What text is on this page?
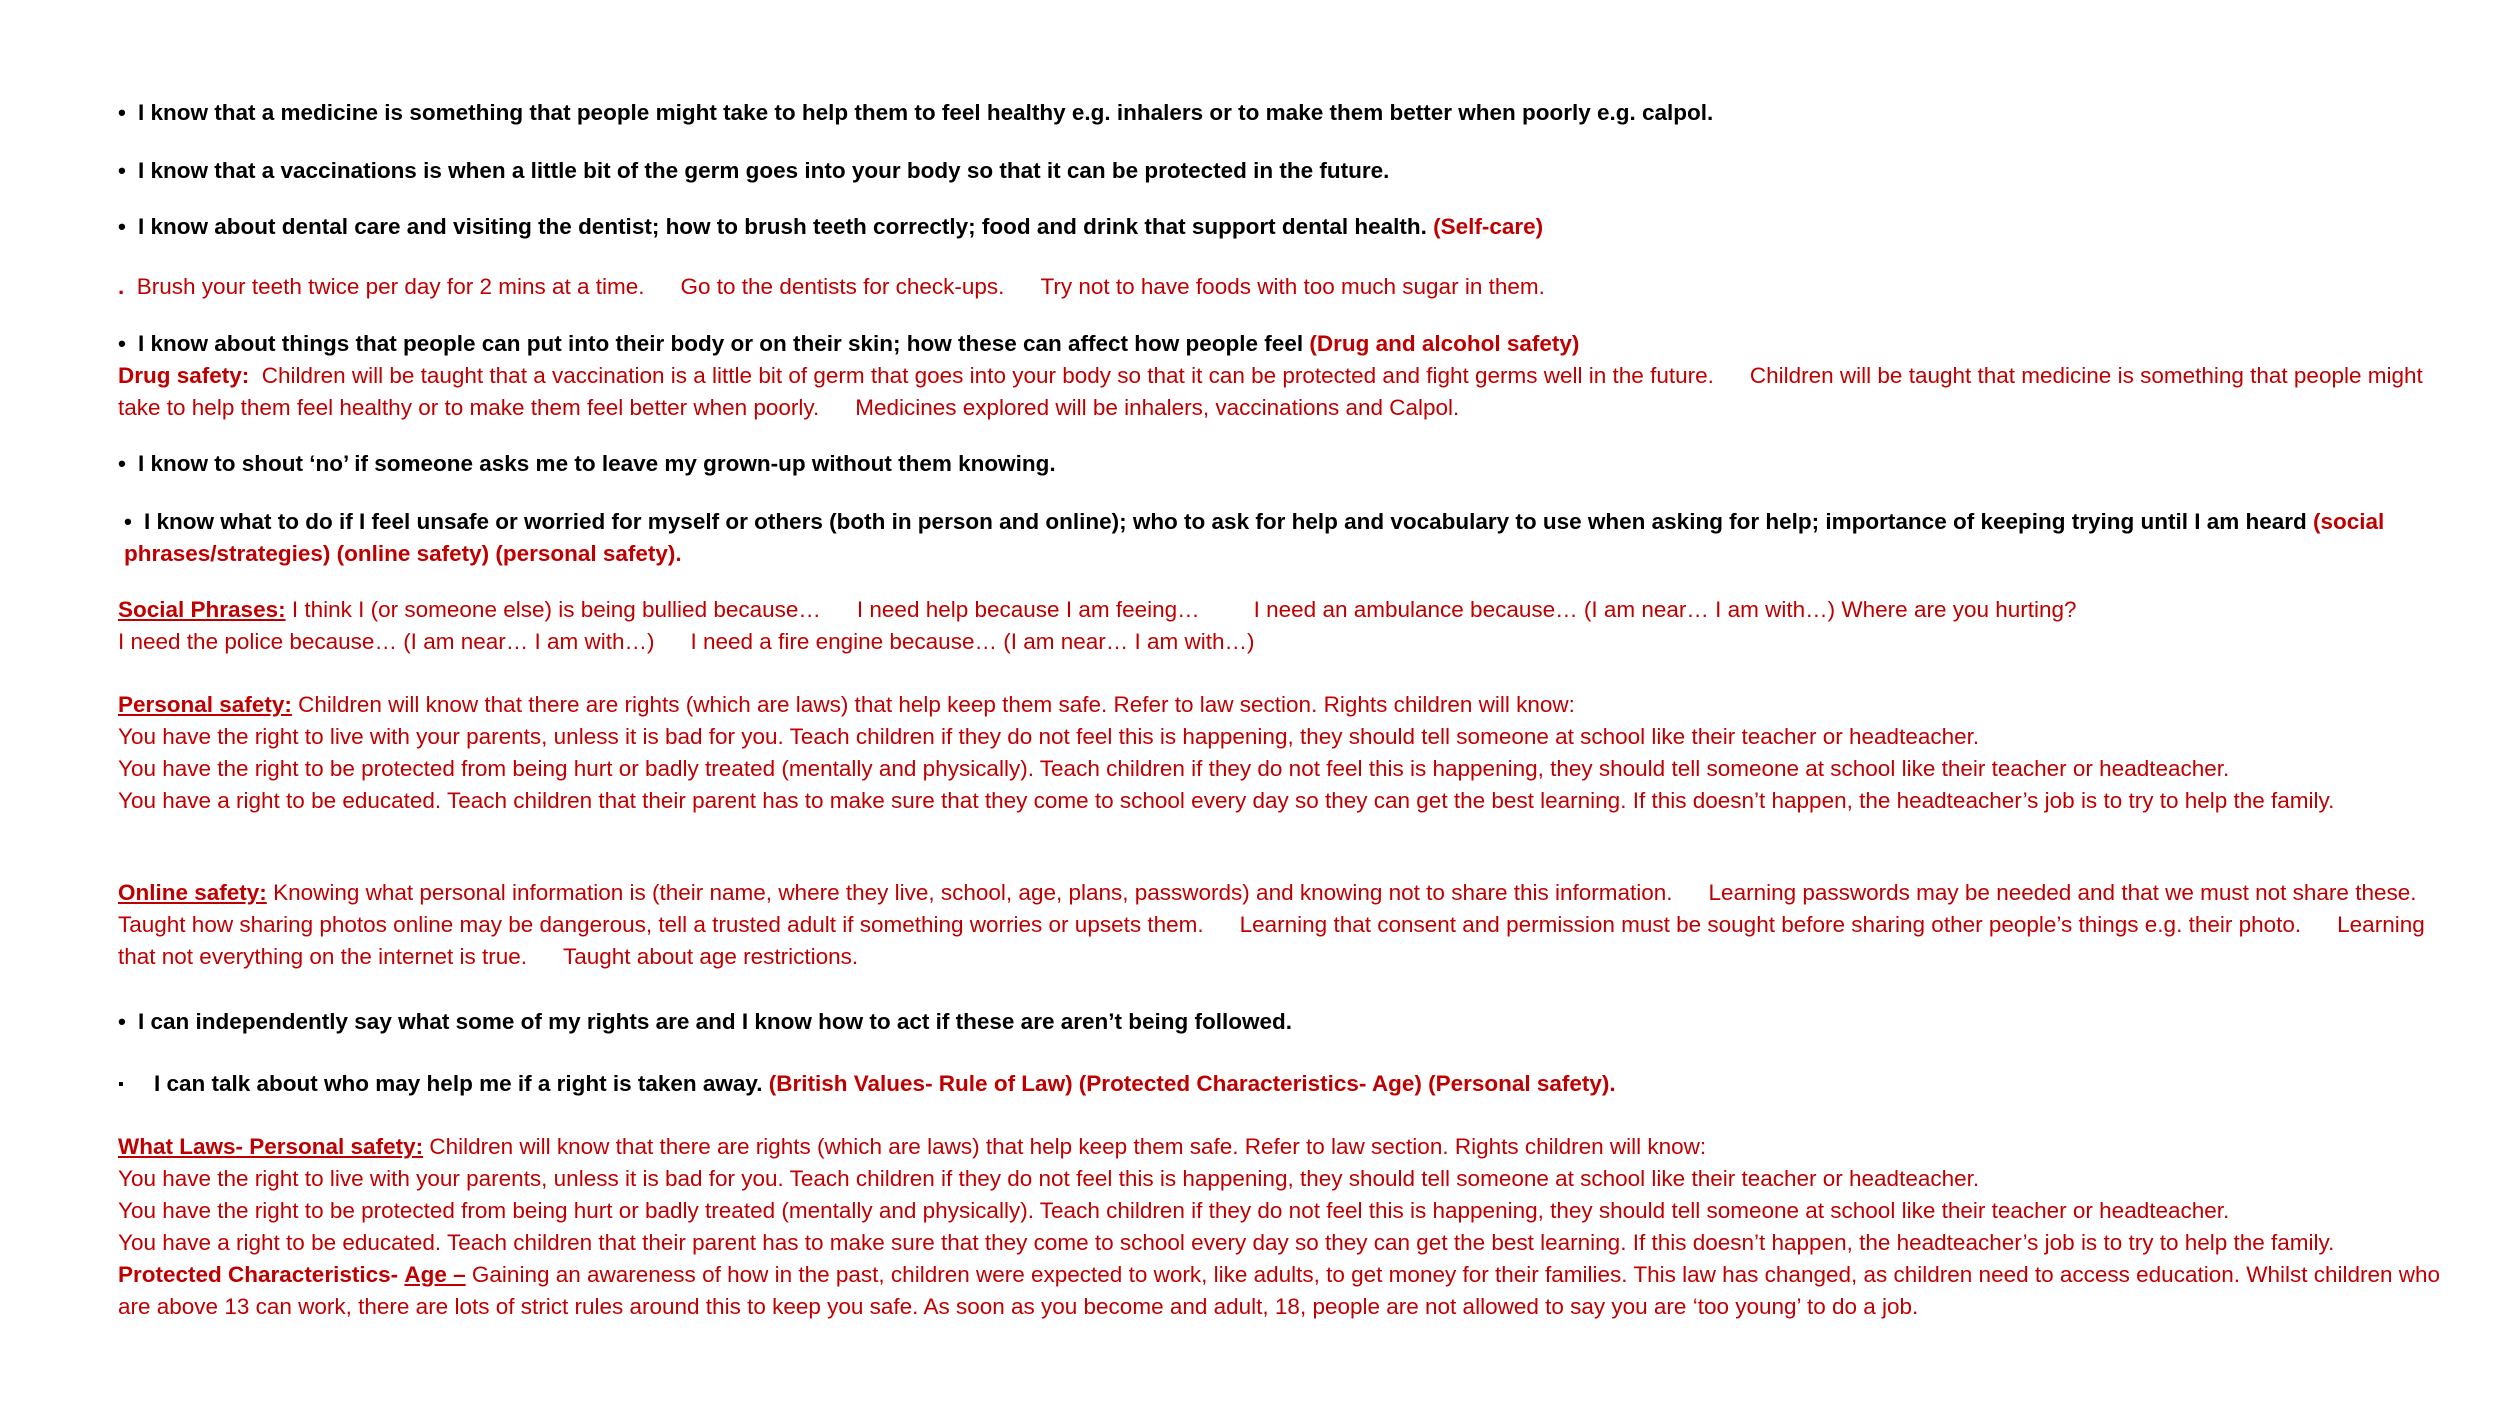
• I know that a medicine is something that people might take to help them to feel healthy e.g. inhalers or to make them better when poorly e.g. calpol.
• I know that a vaccinations is when a little bit of the germ goes into your body so that it can be protected in the future.
• I know about dental care and visiting the dentist; how to brush teeth correctly; food and drink that support dental health. (Self-care)
. Brush your teeth twice per day for 2 mins at a time. Go to the dentists for check-ups. Try not to have foods with too much sugar in them.
• I know about things that people can put into their body or on their skin; how these can affect how people feel (Drug and alcohol safety)
Drug safety: Children will be taught that a vaccination is a little bit of germ that goes into your body so that it can be protected and fight germs well in the future. Children will be taught that medicine is something that people might take to help them feel healthy or to make them feel better when poorly. Medicines explored will be inhalers, vaccinations and Calpol.
• I know to shout ‘no’ if someone asks me to leave my grown-up without them knowing.
• I know what to do if I feel unsafe or worried for myself or others (both in person and online); who to ask for help and vocabulary to use when asking for help; importance of keeping trying until I am heard (social phrases/strategies) (online safety) (personal safety).
Social Phrases: I think I (or someone else) is being bullied because… I need help because I am feeing… I need an ambulance because… (I am near… I am with…) Where are you hurting?
I need the police because… (I am near… I am with…) I need a fire engine because… (I am near… I am with…)
Personal safety: Children will know that there are rights (which are laws) that help keep them safe. Refer to law section. Rights children will know:
You have the right to live with your parents, unless it is bad for you. Teach children if they do not feel this is happening, they should tell someone at school like their teacher or headteacher.
You have the right to be protected from being hurt or badly treated (mentally and physically). Teach children if they do not feel this is happening, they should tell someone at school like their teacher or headteacher.
You have a right to be educated. Teach children that their parent has to make sure that they come to school every day so they can get the best learning. If this doesn’t happen, the headteacher’s job is to try to help the family.
Online safety: Knowing what personal information is (their name, where they live, school, age, plans, passwords) and knowing not to share this information. Learning passwords may be needed and that we must not share these.Taught how sharing photos online may be dangerous, tell a trusted adult if something worries or upsets them. Learning that consent and permission must be sought before sharing other people’s things e.g. their photo. Learning that not everything on the internet is true. Taught about age restrictions.
• I can independently say what some of my rights are and I know how to act if these are aren’t being followed.
▪ I can talk about who may help me if a right is taken away. (British Values- Rule of Law) (Protected Characteristics- Age) (Personal safety).
What Laws- Personal safety: Children will know that there are rights (which are laws) that help keep them safe. Refer to law section. Rights children will know:
You have the right to live with your parents, unless it is bad for you. Teach children if they do not feel this is happening, they should tell someone at school like their teacher or headteacher.
You have the right to be protected from being hurt or badly treated (mentally and physically). Teach children if they do not feel this is happening, they should tell someone at school like their teacher or headteacher.
You have a right to be educated. Teach children that their parent has to make sure that they come to school every day so they can get the best learning. If this doesn’t happen, the headteacher’s job is to try to help the family.
Protected Characteristics- Age – Gaining an awareness of how in the past, children were expected to work, like adults, to get money for their families. This law has changed, as children need to access education. Whilst children who are above 13 can work, there are lots of strict rules around this to keep you safe. As soon as you become and adult, 18, people are not allowed to say you are ‘too young’ to do a job.
